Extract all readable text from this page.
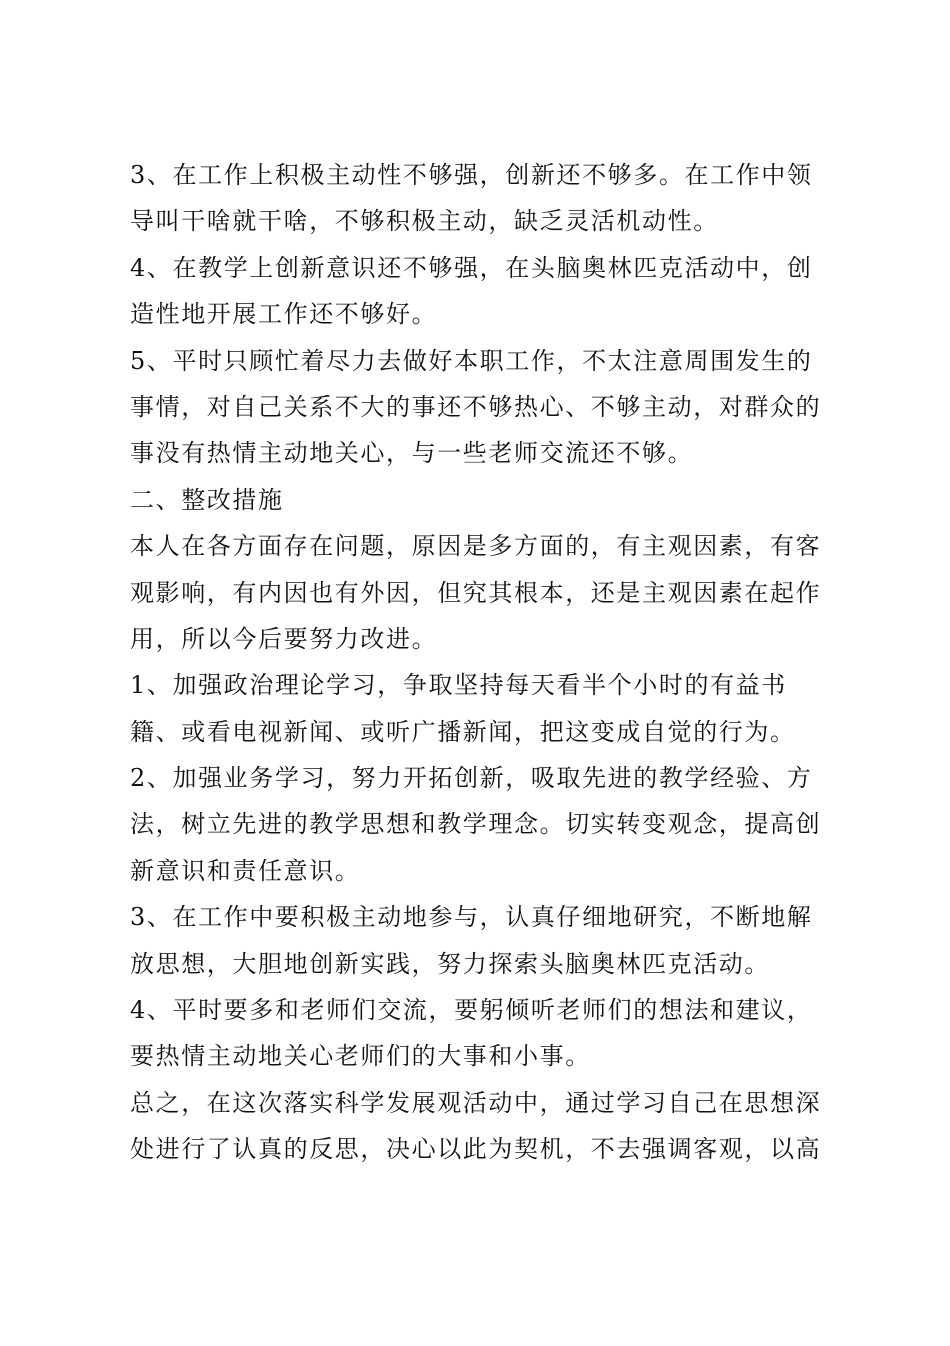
3、在工作上积极主动性不够强，创新还不够多。在工作中领
导叫干啥就干啥，不够积极主动，缺乏灵活机动性。
4、在教学上创新意识还不够强，在头脑奥林匹克活动中，创
造性地开展工作还不够好。
5、平时只顾忙着尽力去做好本职工作，不太注意周围发生的
事情，对自己关系不大的事还不够热心、不够主动，对群众的
事没有热情主动地关心，与一些老师交流还不够。
二、整改措施
本人在各方面存在问题，原因是多方面的，有主观因素，有客
观影响，有内因也有外因，但究其根本，还是主观因素在起作
用，所以今后要努力改进。
1、加强政治理论学习，争取坚持每天看半个小时的有益书
籍、或看电视新闻、或听广播新闻，把这变成自觉的行为。
2、加强业务学习，努力开拓创新，吸取先进的教学经验、方
法，树立先进的教学思想和教学理念。切实转变观念，提高创
新意识和责任意识。
3、在工作中要积极主动地参与，认真仔细地研究，不断地解
放思想，大胆地创新实践，努力探索头脑奥林匹克活动。
4、平时要多和老师们交流，要躬倾听老师们的想法和建议，
要热情主动地关心老师们的大事和小事。
总之，在这次落实科学发展观活动中，通过学习自己在思想深
处进行了认真的反思，决心以此为契机，不去强调客观，以高
